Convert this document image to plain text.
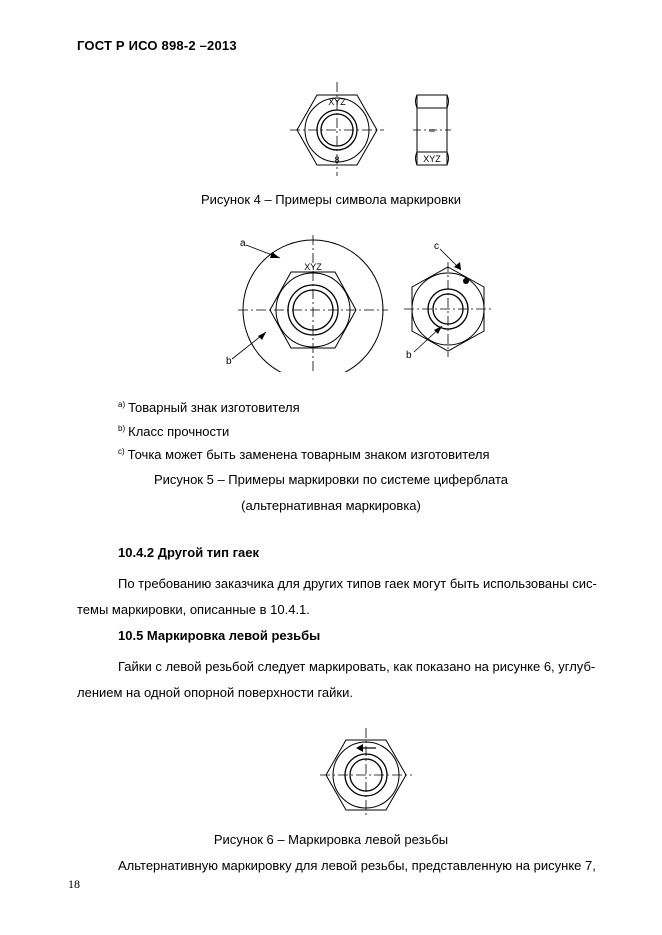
ГОСТ Р ИСО 898-2 –2013
XYZ
8
∞
XYZ
Рисунок 4 – Примеры символа маркировки
a
XYZ
b
c
b
$^{a)}$ Товарный знак изготовителя
$^{b)}$ Класс прочности
$^{c)}$ Точка может быть заменена товарным знаком изготовителя
Рисунок 5 – Примеры маркировки по системе циферблата
(альтернативная маркировка)
10.4.2 Другой тип гаек
По требованию заказчика для других типов гаек могут быть использованы сис-
темы маркировки, описанные в 10.4.1.
10.5 Маркировка левой резьбы
Гайки с левой резьбой следует маркировать, как показано на рисунке 6, углуб-
лением на одной опорной поверхности гайки.
Рисунок 6 – Маркировка левой резьбы
Альтернативную маркировку для левой резьбы, представленную на рисунке 7,
18
